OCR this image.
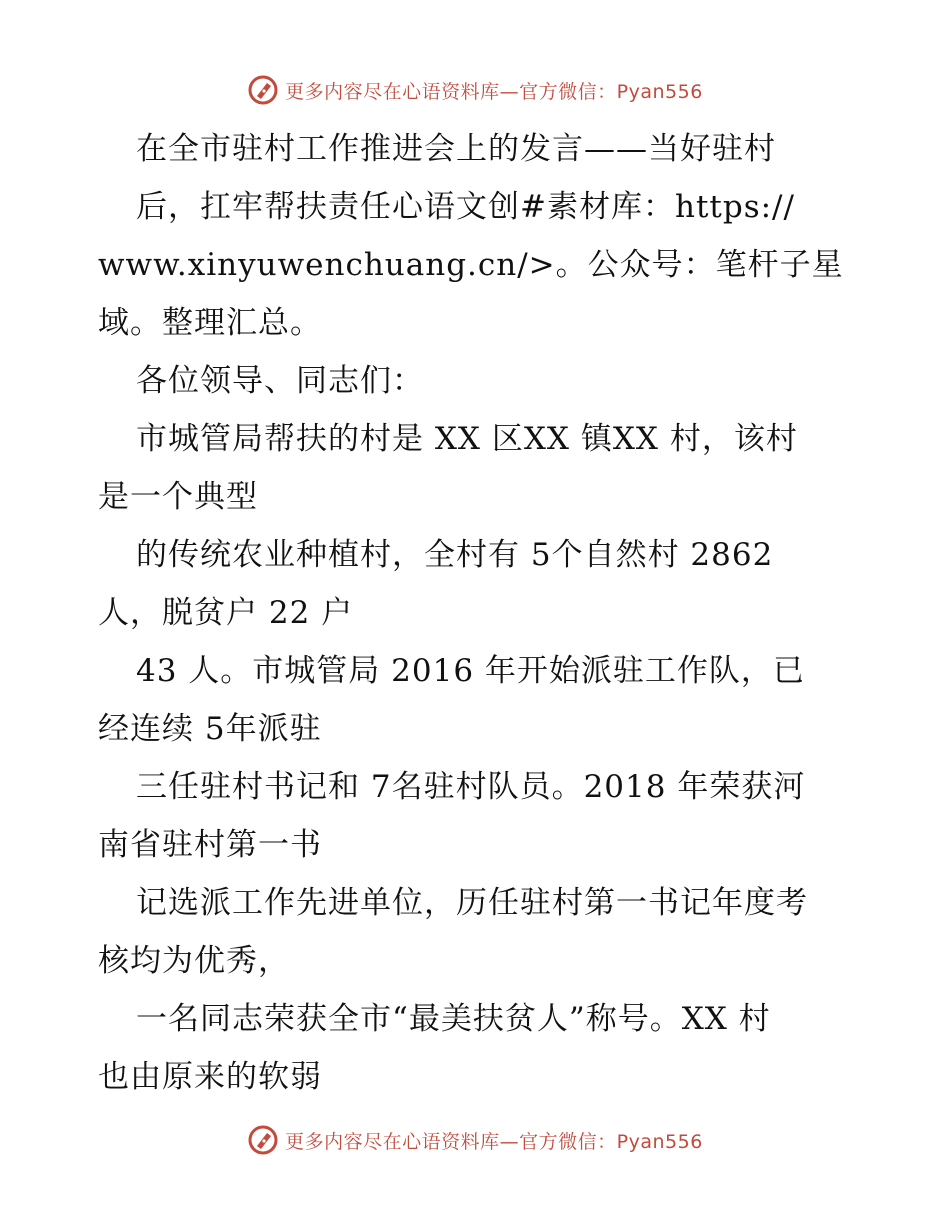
更多内容尽在心语资料库—官方微信：Pyan556
在全市驻村工作推进会上的发言——当好驻村
后，扛牢帮扶责任心语文创#素材库：https://
www.xinyuwenchuang.cn/>。公众号：笔杆子星
域。整理汇总。
各位领导、同志们：
市城管局帮扶的村是 XX 区XX 镇XX 村，该村
是一个典型
的传统农业种植村，全村有 5个自然村 2862
人，脱贫户 22 户
43 人。市城管局 2016 年开始派驻工作队，已
经连续 5年派驻
三任驻村书记和 7名驻村队员。2018 年荣获河
南省驻村第一书
记选派工作先进单位，历任驻村第一书记年度考
核均为优秀，
一名同志荣获全市“最美扶贫人”称号。XX 村
也由原来的软弱
更多内容尽在心语资料库—官方微信：Pyan556
